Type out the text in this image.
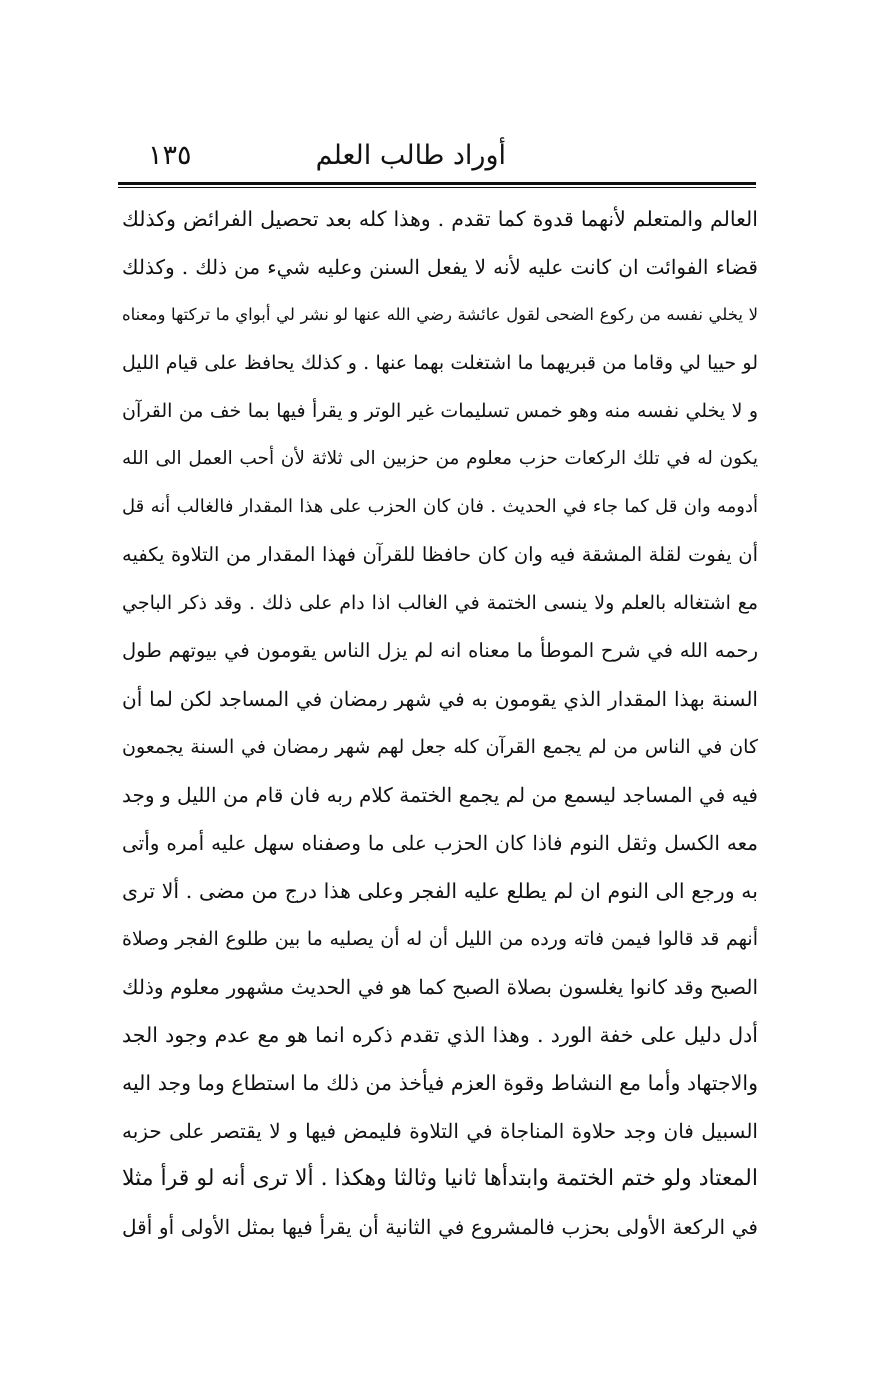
أوراد طالب العلم
١٣٥
العالم والمتعلم لأنهما قدوة كما تقدم . وهذا كله بعد تحصيل الفرائض وكذلك
قضاء الفوائت ان كانت عليه لأنه لا يفعل السنن وعليه شيء من ذلك . وكذلك
لا يخلي نفسه من ركوع الضحى لقول عائشة رضي الله عنها لو نشر لي أبواي ما تركتها ومعناه
لو حييا لي وقاما من قبريهما ما اشتغلت بهما عنها . و كذلك يحافظ على قيام الليل
و لا يخلي نفسه منه وهو خمس تسليمات غير الوتر و يقرأ فيها بما خف من القرآن
يكون له في تلك الركعات حزب معلوم من حزبين الى ثلاثة لأن أحب العمل الى الله
أدومه وان قل كما جاء في الحديث . فان كان الحزب على هذا المقدار فالغالب أنه قل
أن يفوت لقلة المشقة فيه وان كان حافظا للقرآن فهذا المقدار من التلاوة يكفيه
مع اشتغاله بالعلم ولا ينسى الختمة في الغالب اذا دام على ذلك . وقد ذكر الباجي
رحمه الله في شرح الموطأ ما معناه انه لم يزل الناس يقومون في بيوتهم طول
السنة بهذا المقدار الذي يقومون به في شهر رمضان في المساجد لكن لما أن
كان في الناس من لم يجمع القرآن كله جعل لهم شهر رمضان في السنة يجمعون
فيه في المساجد ليسمع من لم يجمع الختمة كلام ربه فان قام من الليل و وجد
معه الكسل وثقل النوم فاذا كان الحزب على ما وصفناه سهل عليه أمره وأتى
به ورجع الى النوم ان لم يطلع عليه الفجر وعلى هذا درج من مضى . ألا ترى
أنهم قد قالوا فيمن فاته ورده من الليل أن له أن يصليه ما بين طلوع الفجر وصلاة
الصبح وقد كانوا يغلسون بصلاة الصبح كما هو في الحديث مشهور معلوم وذلك
أدل دليل على خفة الورد . وهذا الذي تقدم ذكره انما هو مع عدم وجود الجد
والاجتهاد وأما مع النشاط وقوة العزم فيأخذ من ذلك ما استطاع وما وجد اليه
السبيل فان وجد حلاوة المناجاة في التلاوة فليمض فيها و لا يقتصر على حزبه
المعتاد ولو ختم الختمة وابتدأها ثانيا وثالثا وهكذا . ألا ترى أنه لو قرأ مثلا
في الركعة الأولى بحزب فالمشروع في الثانية أن يقرأ فيها بمثل الأولى أو أقل
